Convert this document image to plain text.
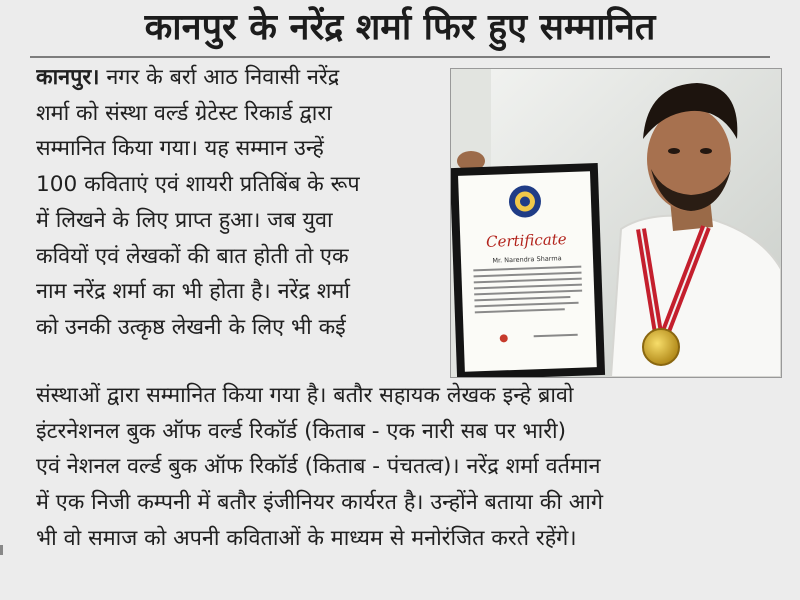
कानपुर के नरेंद्र शर्मा फिर हुए सम्मानित
कानपुर। नगर के बर्रा आठ निवासी नरेंद्र
शर्मा को संस्था वर्ल्ड ग्रेटेस्ट रिकार्ड द्वारा
सम्मानित किया गया। यह सम्मान उन्हें
100 कविताएं एवं शायरी प्रतिबिंब के रूप
में लिखने के लिए प्राप्त हुआ। जब युवा
कवियों एवं लेखकों की बात होती तो एक
नाम नरेंद्र शर्मा का भी होता है। नरेंद्र शर्मा
को उनकी उत्कृष्ठ लेखनी के लिए भी कई
Certificate
Mr. Narendra Sharma
संस्थाओं द्वारा सम्मानित किया गया है। बतौर सहायक लेखक इन्हे ब्रावो
इंटरनेशनल बुक ऑफ वर्ल्ड रिकॉर्ड (किताब - एक नारी सब पर भारी)
एवं नेशनल वर्ल्ड बुक ऑफ रिकॉर्ड (किताब - पंचतत्व)। नरेंद्र शर्मा वर्तमान
में एक निजी कम्पनी में बतौर इंजीनियर कार्यरत है। उन्होंने बताया की आगे
भी वो समाज को अपनी कविताओं के माध्यम से मनोरंजित करते रहेंगे।
